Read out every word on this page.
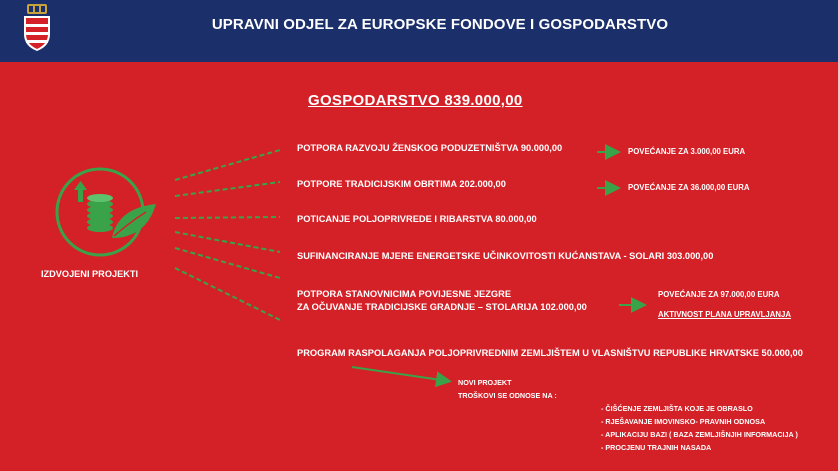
UPRAVNI ODJEL ZA EUROPSKE FONDOVE I GOSPODARSTVO
GOSPODARSTVO 839.000,00
IZDVOJENI PROJEKTI
POTPORA RAZVOJU ŽENSKOG PODUZETNIŠTVA 90.000,00	POVEĆANJE ZA 3.000,00 EURA
POTPORE TRADICIJSKIM OBRTIMA 202.000,00	POVEĆANJE ZA 36.000,00 EURA
POTICANJE POLJOPRIVREDE I RIBARSTVA 80.000,00
SUFINANCIRANJE MJERE ENERGETSKE UČINKOVITOSTI KUĆANSTAVA - SOLARI 303.000,00
POTPORA STANOVNICIMA POVIJESNE JEZGRE
ZA OČUVANJE TRADICIJSKE GRADNJE – STOLARIJA 102.000,00
POVEĆANJE ZA 97.000,00 EURA
AKTIVNOST PLANA UPRAVLJANJA
PROGRAM RASPOLAGANJA POLJOPRIVREDNIM ZEMLJIŠTEM U VLASNIŠTVU REPUBLIKE HRVATSKE 50.000,00
NOVI PROJEKT
TROŠKOVI SE ODNOSE NA :
- ČIŠĆENJE ZEMLJIŠTA KOJE JE OBRASLO
- RJEŠAVANJE IMOVINSKO- PRAVNIH ODNOSA
- APLIKACIJU BAZI ( BAZA ZEMLJIŠNJIH INFORMACIJA )
- PROCJENU TRAJNIH NASADA
